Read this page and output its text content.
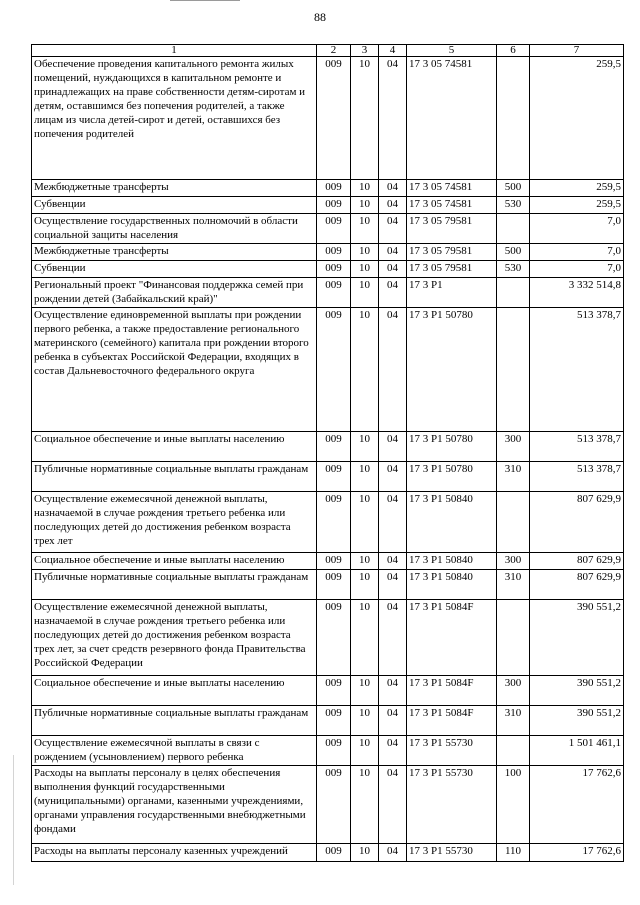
88
1	2	3	4	5	6	7
Обеспечение проведения капитального ремонта жилых помещений, нуждающихся в капитальном ремонте и принадлежащих на праве собственности детям-сиротам и детям, оставшимся без попечения родителей, а также лицам из числа детей-сирот и детей, оставшихся без попечения родителей	009	10	04	17 3 05 74581		259,5
Межбюджетные трансферты	009	10	04	17 3 05 74581	500	259,5
Субвенции	009	10	04	17 3 05 74581	530	259,5
Осуществление государственных полномочий в области социальной защиты населения	009	10	04	17 3 05 79581		7,0
Межбюджетные трансферты	009	10	04	17 3 05 79581	500	7,0
Субвенции	009	10	04	17 3 05 79581	530	7,0
Региональный проект "Финансовая поддержка семей при рождении детей (Забайкальский край)"	009	10	04	17 3 P1		3 332 514,8
Осуществление единовременной выплаты при рождении первого ребенка, а также предоставление регионального материнского (семейного) капитала при рождении второго ребенка в субъектах Российской Федерации, входящих в состав Дальневосточного федерального округа	009	10	04	17 3 P1 50780		513 378,7
Социальное обеспечение и иные выплаты населению	009	10	04	17 3 P1 50780	300	513 378,7
Публичные нормативные социальные выплаты гражданам	009	10	04	17 3 P1 50780	310	513 378,7
Осуществление ежемесячной денежной выплаты, назначаемой в случае рождения третьего ребенка или последующих детей до достижения ребенком возраста трех лет	009	10	04	17 3 P1 50840		807 629,9
Социальное обеспечение и иные выплаты населению	009	10	04	17 3 P1 50840	300	807 629,9
Публичные нормативные социальные выплаты гражданам	009	10	04	17 3 P1 50840	310	807 629,9
Осуществление ежемесячной денежной выплаты, назначаемой в случае рождения третьего ребенка или последующих детей до достижения ребенком возраста трех лет, за счет средств резервного фонда Правительства Российской Федерации	009	10	04	17 3 P1 5084F		390 551,2
Социальное обеспечение и иные выплаты населению	009	10	04	17 3 P1 5084F	300	390 551,2
Публичные нормативные социальные выплаты гражданам	009	10	04	17 3 P1 5084F	310	390 551,2
Осуществление ежемесячной выплаты в связи с рождением (усыновлением) первого ребенка	009	10	04	17 3 P1 55730		1 501 461,1
Расходы на выплаты персоналу в целях обеспечения выполнения функций государственными (муниципальными) органами, казенными учреждениями, органами управления государственными внебюджетными фондами	009	10	04	17 3 P1 55730	100	17 762,6
Расходы на выплаты персоналу казенных учреждений	009	10	04	17 3 P1 55730	110	17 762,6
